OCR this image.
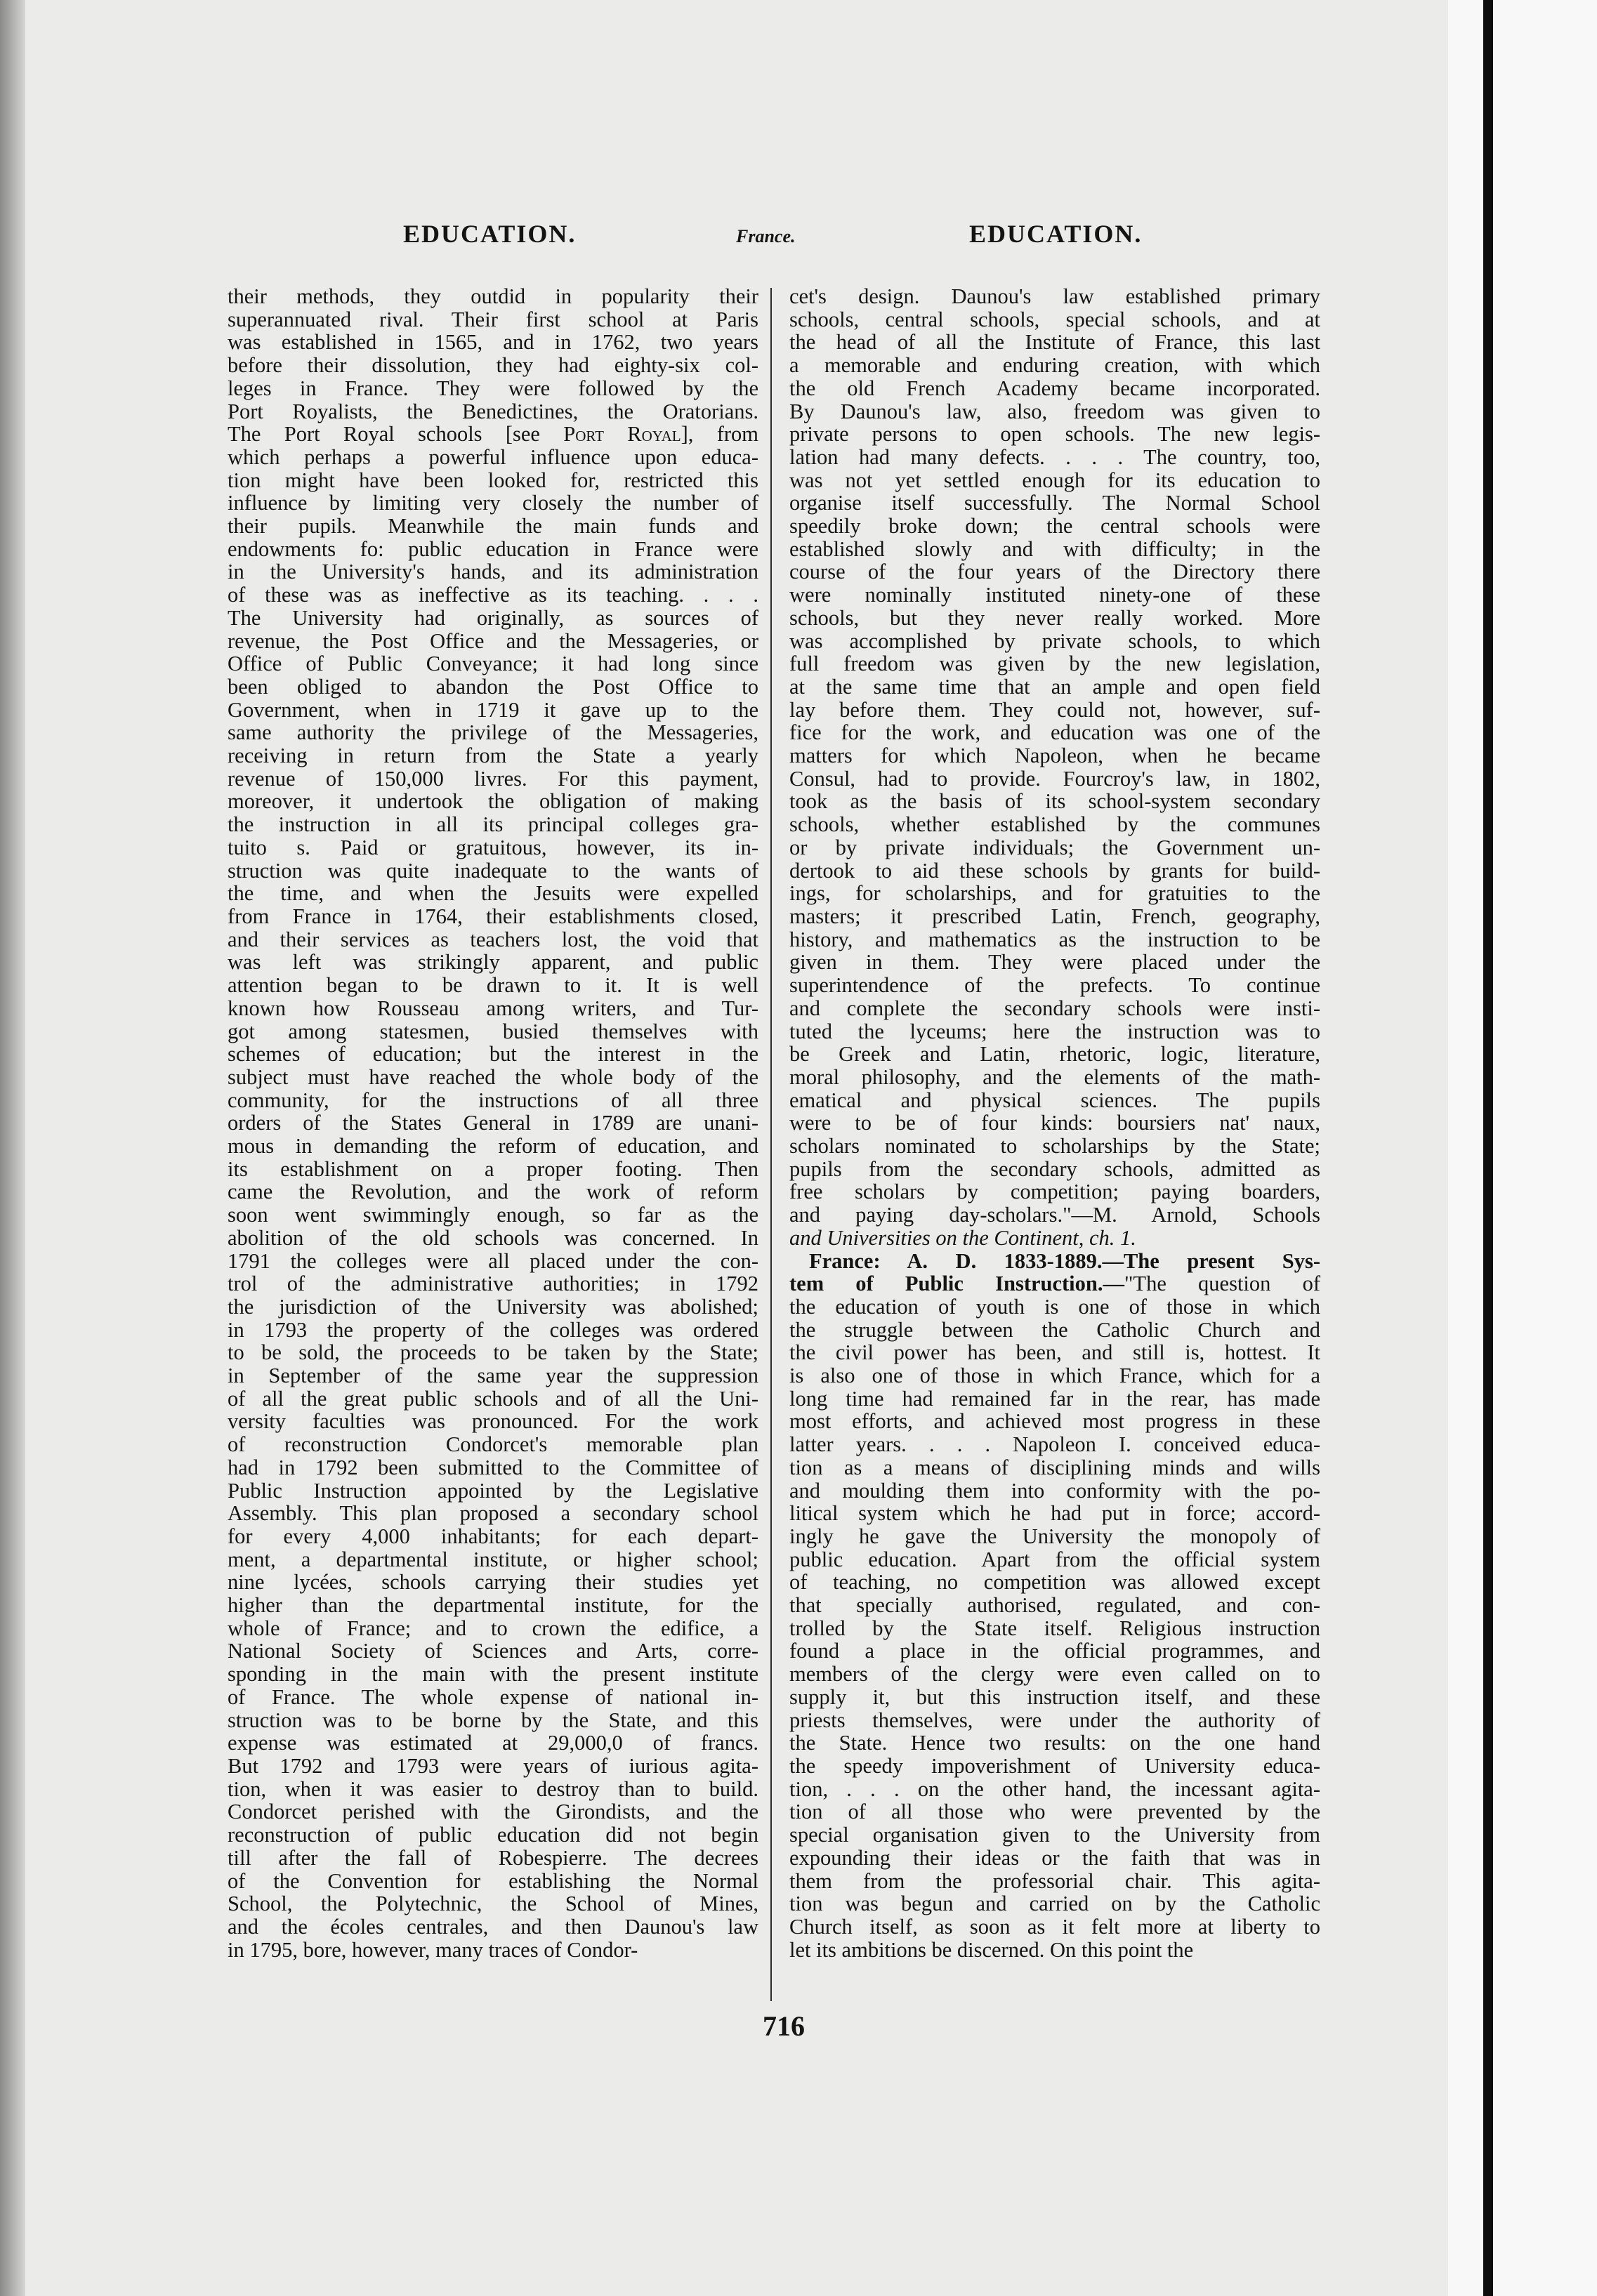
EDUCATION.	France.	EDUCATION.
their methods, they outdid in popularity their
superannuated rival. Their first school at Paris
was established in 1565, and in 1762, two years
before their dissolution, they had eighty-six col-
leges in France. They were followed by the
Port Royalists, the Benedictines, the Oratorians.
The Port Royal schools [see Port Royal], from
which perhaps a powerful influence upon educa-
tion might have been looked for, restricted this
influence by limiting very closely the number of
their pupils. Meanwhile the main funds and
endowments fo: public education in France were
in the University's hands, and its administration
of these was as ineffective as its teaching. . . .
The University had originally, as sources of
revenue, the Post Office and the Messageries, or
Office of Public Conveyance; it had long since
been obliged to abandon the Post Office to
Government, when in 1719 it gave up to the
same authority the privilege of the Messageries,
receiving in return from the State a yearly
revenue of 150,000 livres. For this payment,
moreover, it undertook the obligation of making
the instruction in all its principal colleges gra-
tuito s. Paid or gratuitous, however, its in-
struction was quite inadequate to the wants of
the time, and when the Jesuits were expelled
from France in 1764, their establishments closed,
and their services as teachers lost, the void that
was left was strikingly apparent, and public
attention began to be drawn to it. It is well
known how Rousseau among writers, and Tur-
got among statesmen, busied themselves with
schemes of education; but the interest in the
subject must have reached the whole body of the
community, for the instructions of all three
orders of the States General in 1789 are unani-
mous in demanding the reform of education, and
its establishment on a proper footing. Then
came the Revolution, and the work of reform
soon went swimmingly enough, so far as the
abolition of the old schools was concerned. In
1791 the colleges were all placed under the con-
trol of the administrative authorities; in 1792
the jurisdiction of the University was abolished;
in 1793 the property of the colleges was ordered
to be sold, the proceeds to be taken by the State;
in September of the same year the suppression
of all the great public schools and of all the Uni-
versity faculties was pronounced. For the work
of reconstruction Condorcet's memorable plan
had in 1792 been submitted to the Committee of
Public Instruction appointed by the Legislative
Assembly. This plan proposed a secondary school
for every 4,000 inhabitants; for each depart-
ment, a departmental institute, or higher school;
nine lycées, schools carrying their studies yet
higher than the departmental institute, for the
whole of France; and to crown the edifice, a
National Society of Sciences and Arts, corre-
sponding in the main with the present institute
of France. The whole expense of national in-
struction was to be borne by the State, and this
expense was estimated at 29,000,0 of francs.
But 1792 and 1793 were years of iurious agita-
tion, when it was easier to destroy than to build.
Condorcet perished with the Girondists, and the
reconstruction of public education did not begin
till after the fall of Robespierre. The decrees
of the Convention for establishing the Normal
School, the Polytechnic, the School of Mines,
and the écoles centrales, and then Daunou's law
in 1795, bore, however, many traces of Condor-
cet's design. Daunou's law established primary
schools, central schools, special schools, and at
the head of all the Institute of France, this last
a memorable and enduring creation, with which
the old French Academy became incorporated.
By Daunou's law, also, freedom was given to
private persons to open schools. The new legis-
lation had many defects. . . . The country, too,
was not yet settled enough for its education to
organise itself successfully. The Normal School
speedily broke down; the central schools were
established slowly and with difficulty; in the
course of the four years of the Directory there
were nominally instituted ninety-one of these
schools, but they never really worked. More
was accomplished by private schools, to which
full freedom was given by the new legislation,
at the same time that an ample and open field
lay before them. They could not, however, suf-
fice for the work, and education was one of the
matters for which Napoleon, when he became
Consul, had to provide. Fourcroy's law, in 1802,
took as the basis of its school-system secondary
schools, whether established by the communes
or by private individuals; the Government un-
dertook to aid these schools by grants for build-
ings, for scholarships, and for gratuities to the
masters; it prescribed Latin, French, geography,
history, and mathematics as the instruction to be
given in them. They were placed under the
superintendence of the prefects. To continue
and complete the secondary schools were insti-
tuted the lyceums; here the instruction was to
be Greek and Latin, rhetoric, logic, literature,
moral philosophy, and the elements of the math-
ematical and physical sciences. The pupils
were to be of four kinds: boursiers nat' naux,
scholars nominated to scholarships by the State;
pupils from the secondary schools, admitted as
free scholars by competition; paying boarders,
and paying day-scholars."—M. Arnold, Schools
and Universities on the Continent, ch. 1.
France: A. D. 1833-1889.—The present Sys-
tem of Public Instruction.—"The question of
the education of youth is one of those in which
the struggle between the Catholic Church and
the civil power has been, and still is, hottest. It
is also one of those in which France, which for a
long time had remained far in the rear, has made
most efforts, and achieved most progress in these
latter years. . . . Napoleon I. conceived educa-
tion as a means of disciplining minds and wills
and moulding them into conformity with the po-
litical system which he had put in force; accord-
ingly he gave the University the monopoly of
public education. Apart from the official system
of teaching, no competition was allowed except
that specially authorised, regulated, and con-
trolled by the State itself. Religious instruction
found a place in the official programmes, and
members of the clergy were even called on to
supply it, but this instruction itself, and these
priests themselves, were under the authority of
the State. Hence two results: on the one hand
the speedy impoverishment of University educa-
tion, . . . on the other hand, the incessant agita-
tion of all those who were prevented by the
special organisation given to the University from
expounding their ideas or the faith that was in
them from the professorial chair. This agita-
tion was begun and carried on by the Catholic
Church itself, as soon as it felt more at liberty to
let its ambitions be discerned. On this point the
716
